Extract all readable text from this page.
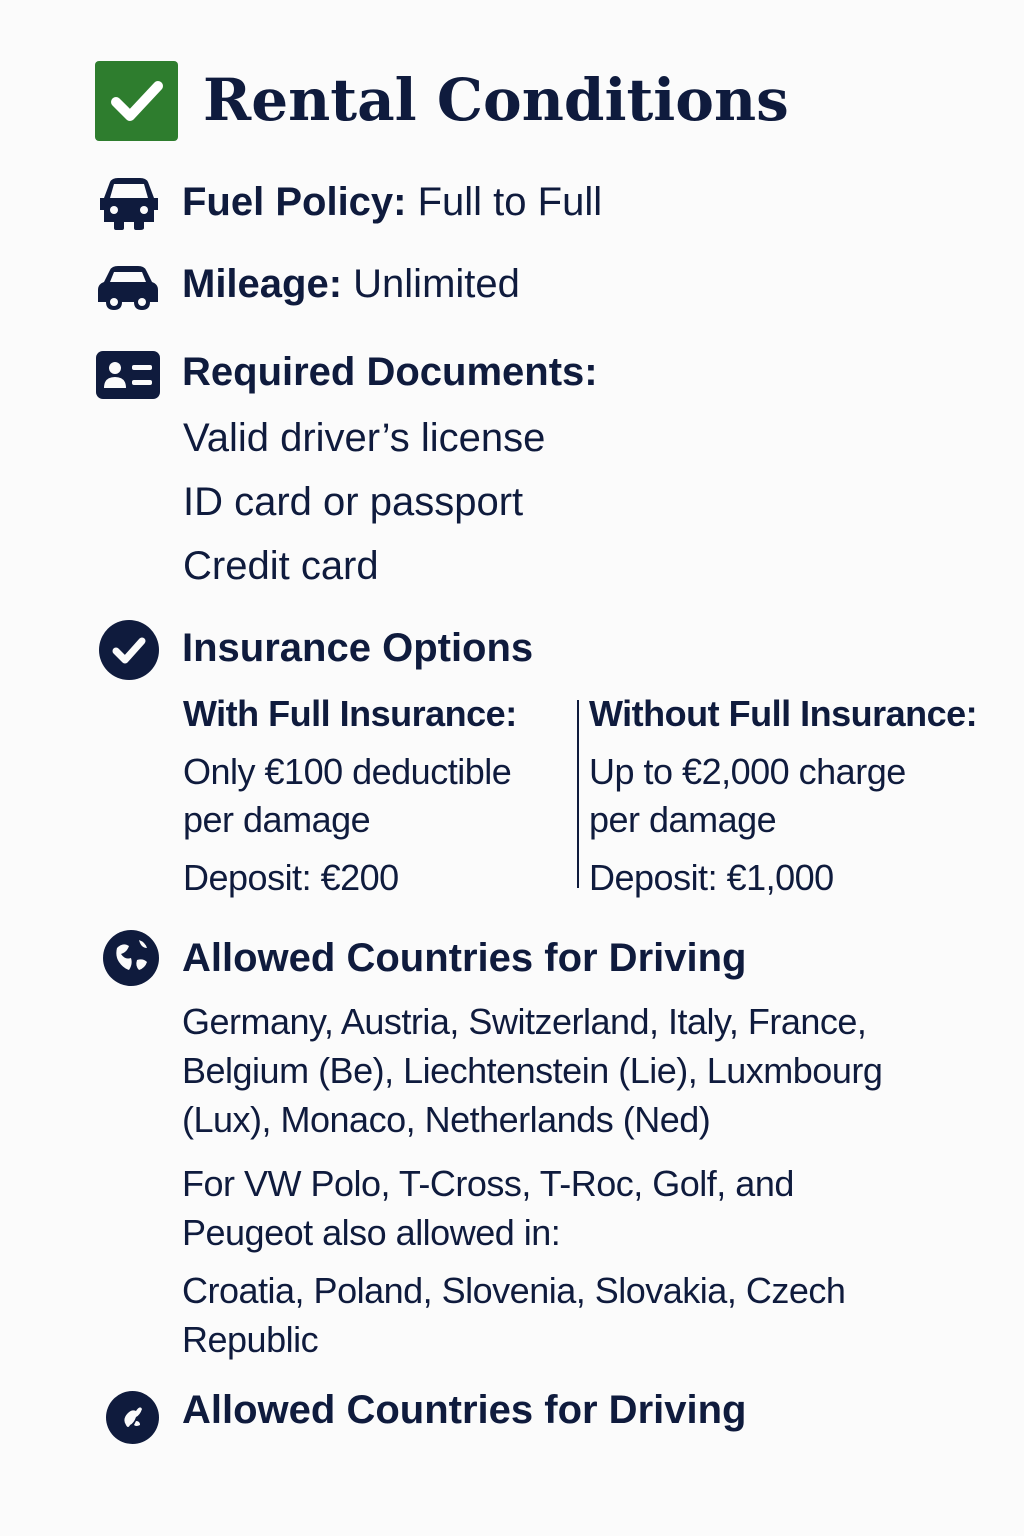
Rental Conditions
Fuel Policy: Full to Full
Mileage: Unlimited
Required Documents:
Valid driver’s license
ID card or passport
Credit card
Insurance Options
With Full Insurance:
Only €100 deductible
per damage
Deposit: €200
Without Full Insurance:
Up to €2,000 charge
per damage
Deposit: €1,000
Allowed Countries for Driving
Germany, Austria, Switzerland, Italy, France,
Belgium (Be), Liechtenstein (Lie), Luxmbourg
(Lux), Monaco, Netherlands (Ned)
For VW Polo, T-Cross, T-Roc, Golf, and
Peugeot also allowed in:
Croatia, Poland, Slovenia, Slovakia, Czech
Republic
Allowed Countries for Driving
